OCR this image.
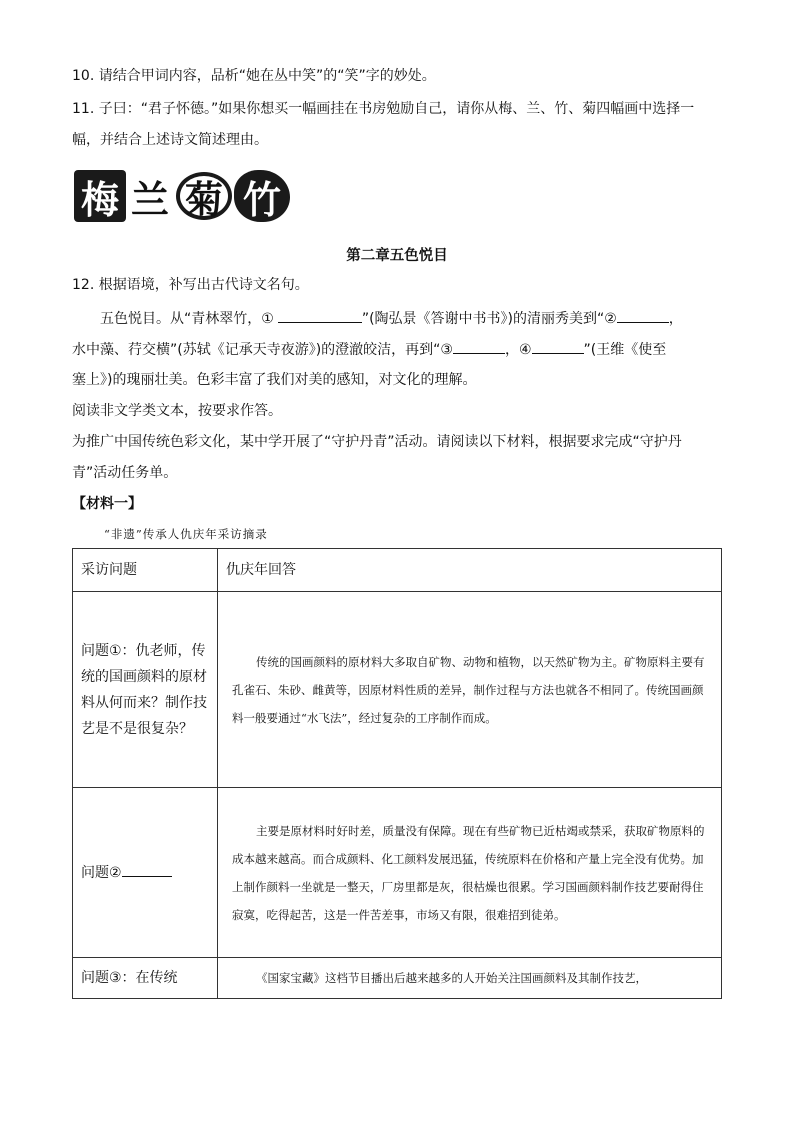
10. 请结合甲词内容，品析“她在丛中笑”的“笑”字的妙处。
11. 子曰：“君子怀德。”如果你想买一幅画挂在书房勉励自己，请你从梅、兰、竹、菊四幅画中选择一
幅，并结合上述诗文简述理由。
梅 兰 菊 竹
第二章五色悦目
12. 根据语境，补写出古代诗文名句。
五色悦目。从“青林翠竹，①	”(陶弘景《答谢中书书》)的清丽秀美到“②	，
水中藻、荇交横”(苏轼《记承天寺夜游》)的澄澈皎洁，再到“③	，④	”(王维《使至
塞上》)的瑰丽壮美。色彩丰富了我们对美的感知，对文化的理解。
阅读非文学类文本，按要求作答。
为推广中国传统色彩文化，某中学开展了“守护丹青”活动。请阅读以下材料，根据要求完成“守护丹
青”活动任务单。
【材料一】
“非遗”传承人仇庆年采访摘录
采访问题	仇庆年回答
问题①：仇老师，传统的国画颜料的原材料从何而来？制作技艺是不是很复杂？	传统的国画颜料的原材料大多取自矿物、动物和植物，以天然矿物为主。矿物原料主要有孔雀石、朱砂、雌黄等，因原材料性质的差异，制作过程与方法也就各不相同了。传统国画颜料一般要通过“水飞法”，经过复杂的工序制作而成。
问题②	主要是原材料时好时差，质量没有保障。现在有些矿物已近枯竭或禁采，获取矿物原料的成本越来越高。而合成颜料、化工颜料发展迅猛，传统原料在价格和产量上完全没有优势。加上制作颜料一坐就是一整天，厂房里都是灰，很枯燥也很累。学习国画颜料制作技艺要耐得住寂寞，吃得起苦，这是一件苦差事，市场又有限，很难招到徒弟。
问题③：在传统	《国家宝藏》这档节目播出后越来越多的人开始关注国画颜料及其制作技艺，
